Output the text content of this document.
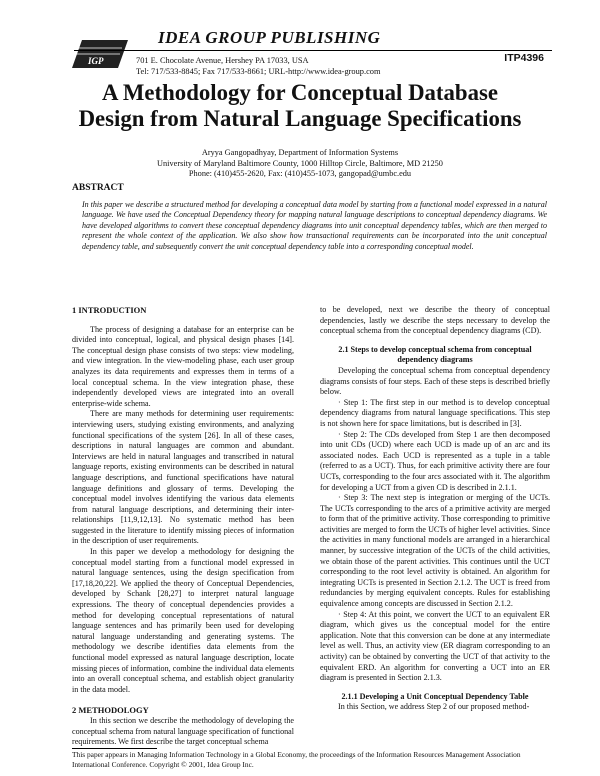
IGP
IDEA GROUP PUBLISHING
701 E. Chocolate Avenue, Hershey PA 17033, USA
Tel: 717/533-8845; Fax 717/533-8661; URL-http://www.idea-group.com
ITP4396
A Methodology for Conceptual Database
Design from Natural Language Specifications
Aryya Gangopadhyay, Department of Information Systems
University of Maryland Baltimore County, 1000 Hilltop Circle, Baltimore, MD 21250
Phone: (410)455-2620, Fax: (410)455-1073, gangopad@umbc.edu
ABSTRACT

In this paper we describe a structured method for developing a conceptual data model by starting from a functional model expressed in a natural language. We have used the Conceptual Dependency theory for mapping natural language descriptions to conceptual dependency diagrams. We have developed algorithms to convert these conceptual dependency diagrams into unit conceptual dependency tables, which are then merged to represent the whole context of the application. We also show how transactional requirements can be incorporated into the unit conceptual dependency table, and subsequently convert the unit conceptual dependency table into a corresponding conceptual model.

1 INTRODUCTION

The process of designing a database for an enterprise can be divided into conceptual, logical, and physical design phases [14]. The conceptual design phase consists of two steps: view modeling, and view integration. In the view-modeling phase, each user group analyzes its data requirements and expresses them in terms of a local conceptual schema. In the view integration phase, these independently developed views are integrated into an overall enterprise-wide schema.

There are many methods for determining user requirements: interviewing users, studying existing environments, and analyzing functional specifications of the system [26]. In all of these cases, descriptions in natural languages are common and abundant. Interviews are held in natural languages and transcribed in natural language reports, existing environments can be described in natural language descriptions, and functional specifications have natural language definitions and glossary of terms. Developing the conceptual model involves identifying the various data elements from natural language descriptions, and determining their inter-relationships [11,9,12,13]. No systematic method has been suggested in the literature to identify missing pieces of information in the description of user requirements.

In this paper we develop a methodology for designing the conceptual model starting from a functional model expressed in natural language sentences, using the design specification from [17,18,20,22]. We applied the theory of Conceptual Dependencies, developed by Schank [28,27] to interpret natural language expressions. The theory of conceptual dependencies provides a method for developing conceptual representations of natural language sentences and has primarily been used for developing natural language understanding and generating systems. The methodology we describe identifies data elements from the functional model expressed as natural language description, locate missing pieces of information, combine the individual data elements into an overall conceptual schema, and establish object granularity in the data model.

2 METHODOLOGY

In this section we describe the methodology of developing the conceptual schema from natural language specification of functional requirements. We first describe the target conceptual schema

to be developed, next we describe the theory of conceptual dependencies, lastly we describe the steps necessary to develop the conceptual schema from the conceptual dependency diagrams (CD).

2.1 Steps to develop conceptual schema from conceptual
dependency diagrams

Developing the conceptual schema from conceptual dependency diagrams consists of four steps. Each of these steps is described briefly below.

· Step 1: The first step in our method is to develop conceptual dependency diagrams from natural language specifications. This step is not shown here for space limitations, but is described in [3].

· Step 2: The CDs developed from Step 1 are then decomposed into unit CDs (UCD) where each UCD is made up of an arc and its associated nodes. Each UCD is represented as a tuple in a table (referred to as a UCT). Thus, for each primitive activity there are four UCTs, corresponding to the four arcs associated with it. The algorithm for developing a UCT from a given CD is described in 2.1.1.

· Step 3: The next step is integration or merging of the UCTs. The UCTs corresponding to the arcs of a primitive activity are merged to form that of the primitive activity. Those corresponding to primitive activities are merged to form the UCTs of higher level activities. Since the activities in many functional models are arranged in a hierarchical manner, by successive integration of the UCTs of the child activities, we obtain those of the parent activities. This continues until the UCT corresponding to the root level activity is obtained. An algorithm for integrating UCTs is presented in Section 2.1.2. The UCT is freed from redundancies by merging equivalent concepts. Rules for establishing equivalence among concepts are discussed in Section 2.1.2.

· Step 4: At this point, we convert the UCT to an equivalent ER diagram, which gives us the conceptual model for the entire application. Note that this conversion can be done at any intermediate level as well. Thus, an activity view (ER diagram corresponding to an activity) can be obtained by converting the UCT of that activity to the equivalent ERD. An algorithm for converting a UCT into an ER diagram is presented in Section 2.1.3.

2.1.1 Developing a Unit Conceptual Dependency Table

In this Section, we address Step 2 of our proposed method-

This paper appears in Managing Information Technology in a Global Economy, the proceedings of the Information Resources Management Association International Conference. Copyright © 2001, Idea Group Inc.
